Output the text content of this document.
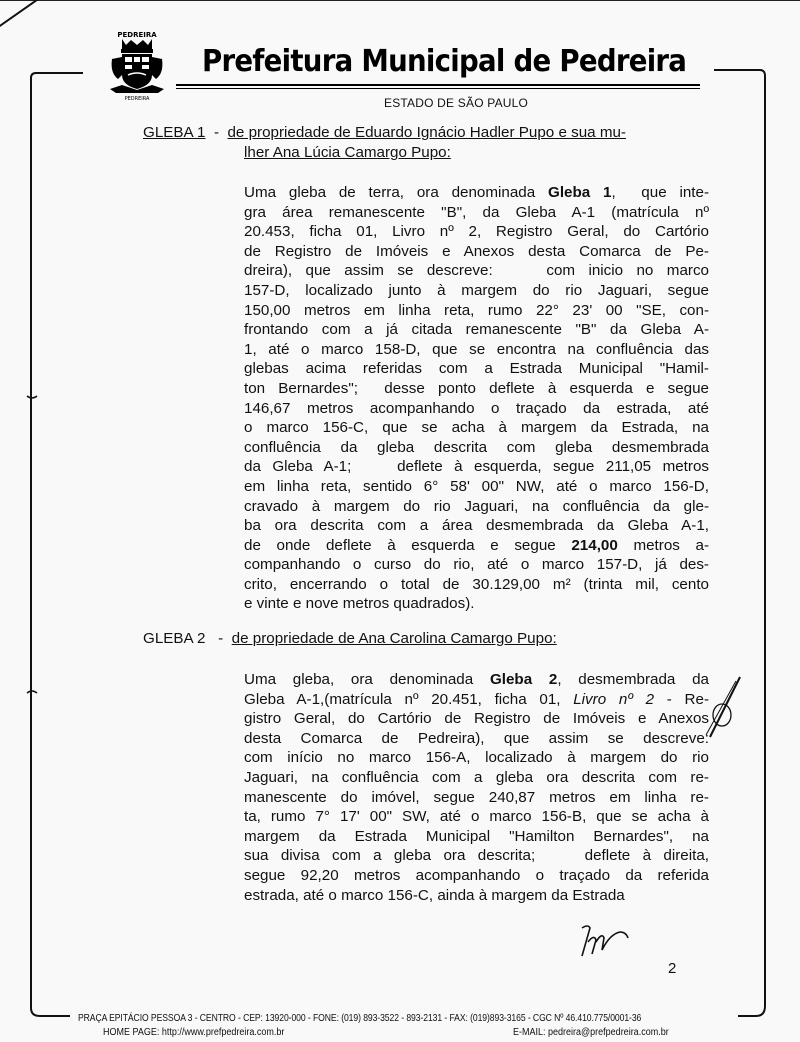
PEDREIRA
PEDREIRA
Prefeitura Municipal de Pedreira
ESTADO DE SÃO PAULO
GLEBA 1 - de propriedade de Eduardo Ignácio Hadler Pupo e sua mu-
lher Ana Lúcia Camargo Pupo:
Uma gleba de terra, ora denominada Gleba 1,  que inte-
gra área remanescente "B", da Gleba A-1 (matrícula nº
20.453, ficha 01, Livro nº 2, Registro Geral, do Cartório
de Registro de Imóveis e Anexos desta Comarca de Pe-
dreira), que assim se descreve:    com inicio no marco
157-D, localizado junto à margem do rio Jaguari, segue
150,00 metros em linha reta, rumo 22° 23' 00 "SE, con-
frontando com a já citada remanescente "B" da Gleba A-
1, até o marco 158-D, que se encontra na confluência das
glebas acima referidas com a Estrada Municipal "Hamil-
ton Bernardes";  desse ponto deflete à esquerda e segue
146,67 metros acompanhando o traçado da estrada, até
o marco 156-C, que se acha à margem da Estrada, na
confluência da gleba descrita com gleba desmembrada
da Gleba A-1;    deflete à esquerda, segue 211,05 metros
em linha reta, sentido 6° 58' 00" NW, até o marco 156-D,
cravado à margem do rio Jaguari, na confluência da gle-
ba ora descrita com a área desmembrada da Gleba A-1,
de onde deflete à esquerda e segue 214,00 metros a-
companhando o curso do rio, até o marco 157-D, já des-
crito, encerrando o total de 30.129,00 m² (trinta mil, cento
e vinte e nove metros quadrados).
GLEBA 2 - de propriedade de Ana Carolina Camargo Pupo:
Uma gleba, ora denominada Gleba 2, desmembrada da
Gleba A-1,(matrícula nº 20.451, ficha 01, Livro nº 2 - Re-
gistro Geral, do Cartório de Registro de Imóveis e Anexos
desta Comarca de Pedreira), que assim se descreve:
com início no marco 156-A, localizado à margem do rio
Jaguari, na confluência com a gleba ora descrita com re-
manescente do imóvel, segue 240,87 metros em linha re-
ta, rumo 7° 17' 00" SW, até o marco 156-B, que se acha à
margem da Estrada Municipal "Hamilton Bernardes", na
sua divisa com a gleba ora descrita;    deflete à direita,
segue 92,20 metros acompanhando o traçado da referida
estrada, até o marco 156-C, ainda à margem da Estrada
2
PRAÇA EPITÁCIO PESSOA 3 - CENTRO - CEP: 13920-000 - FONE: (019) 893-3522 - 893-2131 - FAX: (019)893-3165 - CGC Nº 46.410.775/0001-36
HOME PAGE: http://www.prefpedreira.com.br	E-MAIL: pedreira@prefpedreira.com.br
